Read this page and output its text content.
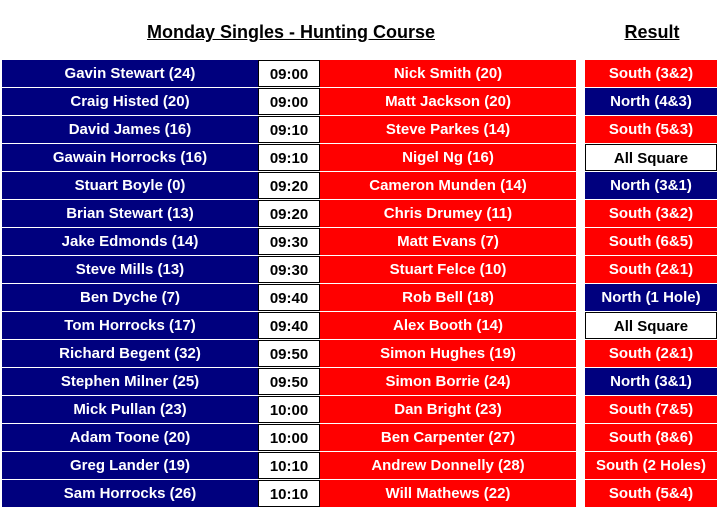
Monday Singles - Hunting Course	Result
Gavin Stewart (24)	09:00	Nick Smith (20)	South (3&2)
Craig Histed (20)	09:00	Matt Jackson (20)	North (4&3)
David James (16)	09:10	Steve Parkes (14)	South (5&3)
Gawain Horrocks (16)	09:10	Nigel Ng (16)	All Square
Stuart Boyle (0)	09:20	Cameron Munden (14)	North (3&1)
Brian Stewart (13)	09:20	Chris Drumey (11)	South (3&2)
Jake Edmonds (14)	09:30	Matt Evans (7)	South (6&5)
Steve Mills (13)	09:30	Stuart Felce (10)	South (2&1)
Ben Dyche (7)	09:40	Rob Bell (18)	North (1 Hole)
Tom Horrocks (17)	09:40	Alex Booth (14)	All Square
Richard Begent (32)	09:50	Simon Hughes (19)	South (2&1)
Stephen Milner (25)	09:50	Simon Borrie (24)	North (3&1)
Mick Pullan (23)	10:00	Dan Bright (23)	South (7&5)
Adam Toone (20)	10:00	Ben Carpenter (27)	South (8&6)
Greg Lander (19)	10:10	Andrew Donnelly (28)	South (2 Holes)
Sam Horrocks (26)	10:10	Will Mathews (22)	South (5&4)
